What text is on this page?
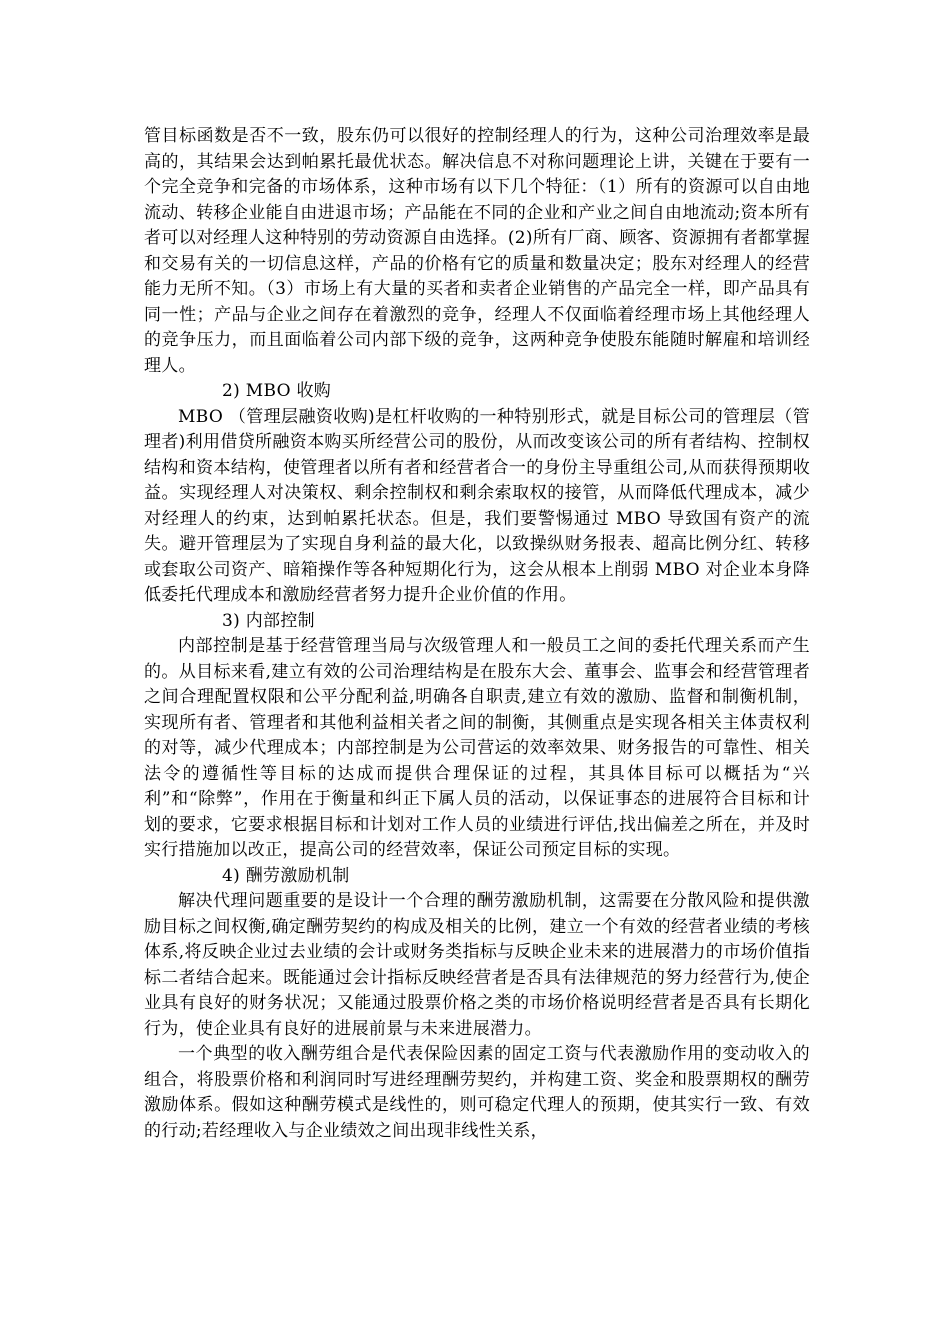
管目标函数是否不一致，股东仍可以很好的控制经理人的行为，这种公司治理效率是最高的，其结果会达到帕累托最优状态。解决信息不对称问题理论上讲，关键在于要有一个完全竞争和完备的市场体系，这种市场有以下几个特征：（1）所有的资源可以自由地流动、转移企业能自由进退市场；产品能在不同的企业和产业之间自由地流动;资本所有者可以对经理人这种特别的劳动资源自由选择。(2)所有厂商、顾客、资源拥有者都掌握和交易有关的一切信息这样，产品的价格有它的质量和数量决定；股东对经理人的经营能力无所不知。（3）市场上有大量的买者和卖者企业销售的产品完全一样，即产品具有同一性；产品与企业之间存在着激烈的竞争，经理人不仅面临着经理市场上其他经理人的竞争压力，而且面临着公司内部下级的竞争，这两种竞争使股东能随时解雇和培训经理人。

2) MBO 收购

MBO （管理层融资收购)是杠杆收购的一种特别形式，就是目标公司的管理层（管理者)利用借贷所融资本购买所经营公司的股份，从而改变该公司的所有者结构、控制权结构和资本结构，使管理者以所有者和经营者合一的身份主导重组公司,从而获得预期收益。实现经理人对决策权、剩余控制权和剩余索取权的接管，从而降低代理成本，减少对经理人的约束，达到帕累托状态。但是，我们要警惕通过 MBO 导致国有资产的流失。避开管理层为了实现自身利益的最大化，以致操纵财务报表、超高比例分红、转移或套取公司资产、暗箱操作等各种短期化行为，这会从根本上削弱 MBO 对企业本身降低委托代理成本和激励经营者努力提升企业价值的作用。

3) 内部控制

内部控制是基于经营管理当局与次级管理人和一般员工之间的委托代理关系而产生的。从目标来看,建立有效的公司治理结构是在股东大会、董事会、监事会和经营管理者之间合理配置权限和公平分配利益,明确各自职责,建立有效的激励、监督和制衡机制，实现所有者、管理者和其他利益相关者之间的制衡，其侧重点是实现各相关主体责权利的对等，减少代理成本；内部控制是为公司营运的效率效果、财务报告的可靠性、相关法令的遵循性等目标的达成而提供合理保证的过程，其具体目标可以概括为“兴利”和“除弊”，作用在于衡量和纠正下属人员的活动，以保证事态的进展符合目标和计划的要求，它要求根据目标和计划对工作人员的业绩进行评估,找出偏差之所在，并及时实行措施加以改正，提高公司的经营效率，保证公司预定目标的实现。

4) 酬劳激励机制

解决代理问题重要的是设计一个合理的酬劳激励机制，这需要在分散风险和提供激励目标之间权衡,确定酬劳契约的构成及相关的比例，建立一个有效的经营者业绩的考核体系,将反映企业过去业绩的会计或财务类指标与反映企业未来的进展潜力的市场价值指标二者结合起来。既能通过会计指标反映经营者是否具有法律规范的努力经营行为,使企业具有良好的财务状况；又能通过股票价格之类的市场价格说明经营者是否具有长期化行为，使企业具有良好的进展前景与未来进展潜力。

一个典型的收入酬劳组合是代表保险因素的固定工资与代表激励作用的变动收入的组合，将股票价格和利润同时写进经理酬劳契约，并构建工资、奖金和股票期权的酬劳激励体系。假如这种酬劳模式是线性的，则可稳定代理人的预期，使其实行一致、有效的行动;若经理收入与企业绩效之间出现非线性关系，
